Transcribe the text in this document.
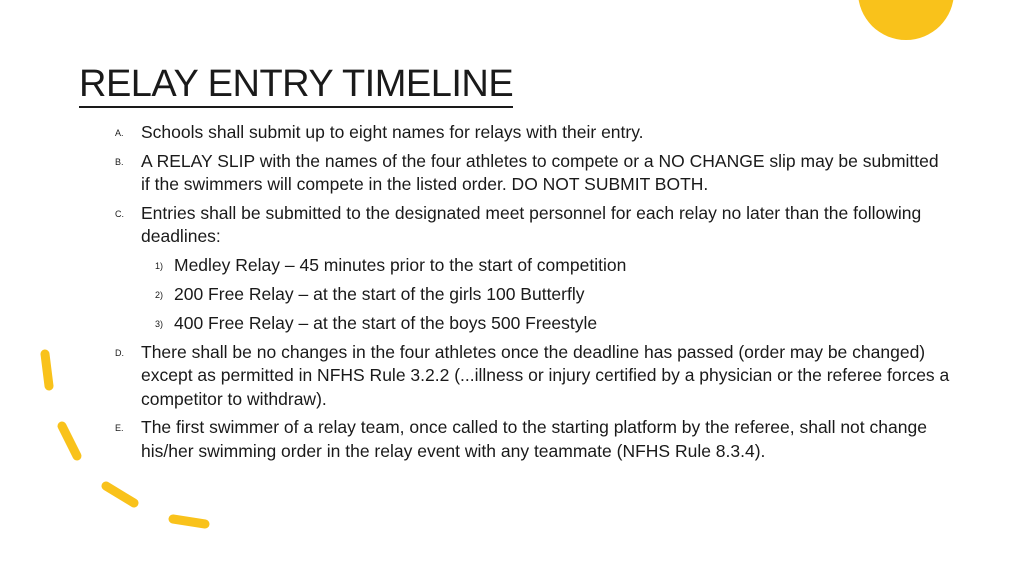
RELAY ENTRY TIMELINE
A. Schools shall submit up to eight names for relays with their entry.
B. A RELAY SLIP with the names of the four athletes to compete or a NO CHANGE slip may be submitted if the swimmers will compete in the listed order. DO NOT SUBMIT BOTH.
C. Entries shall be submitted to the designated meet personnel for each relay no later than the following deadlines:
1) Medley Relay – 45 minutes prior to the start of competition
2) 200 Free Relay – at the start of the girls 100 Butterfly
3) 400 Free Relay – at the start of the boys 500 Freestyle
D. There shall be no changes in the four athletes once the deadline has passed (order may be changed) except as permitted in NFHS Rule 3.2.2 (...illness or injury certified by a physician or the referee forces a competitor to withdraw).
E. The first swimmer of a relay team, once called to the starting platform by the referee, shall not change his/her swimming order in the relay event with any teammate (NFHS Rule 8.3.4).
